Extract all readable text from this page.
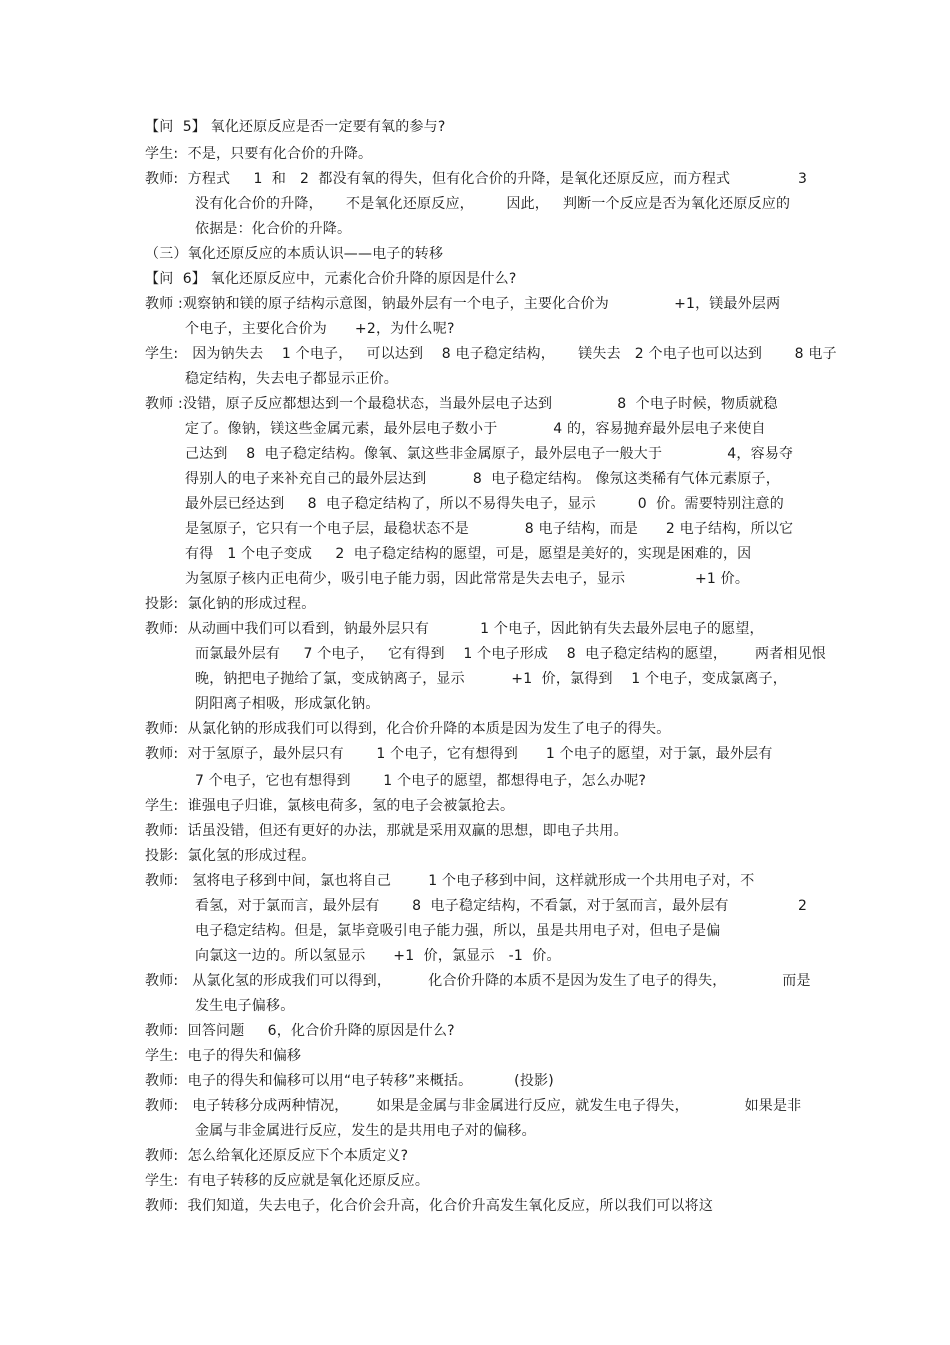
【问  5】 氧化还原反应是否一定要有氧的参与?
学生:  不是，只要有化合价的升降。
教师:  方程式     1  和   2  都没有氧的得失，但有化合价的升降，是氧化还原反应，而方程式	3
没有化合价的升降，     不是氧化还原反应，       因此，   判断一个反应是否为氧化还原反应的
依据是：化合价的升降。
（三）氧化还原反应的本质认识——电子的转移
【问  6】 氧化还原反应中，元素化合价升降的原因是什么?
教师 :观察钠和镁的原子结构示意图，钠最外层有一个电子，主要化合价为              +1，镁最外层两
个电子，主要化合价为      +2，为什么呢?
学生:   因为钠失去    1 个电子，   可以达到    8 电子稳定结构，     镁失去   2 个电子也可以达到       8 电子
稳定结构，失去电子都显示正价。
教师 :没错，原子反应都想达到一个最稳状态，当最外层电子达到              8  个电子时候，物质就稳
定了。像钠，镁这些金属元素，最外层电子数小于            4 的，容易抛弃最外层电子来使自
己达到    8  电子稳定结构。像氧、氯这些非金属原子，最外层电子一般大于              4，容易夺
得别人的电子来补充自己的最外层达到          8  电子稳定结构。 像氖这类稀有气体元素原子，
最外层已经达到     8  电子稳定结构了，所以不易得失电子，显示         0  价。需要特别注意的
是氢原子，它只有一个电子层，最稳状态不是            8 电子结构，而是      2 电子结构，所以它
有得   1 个电子变成     2  电子稳定结构的愿望，可是，愿望是美好的，实现是困难的，因
为氢原子核内正电荷少，吸引电子能力弱，因此常常是失去电子，显示               +1 价。
投影:  氯化钠的形成过程。
教师:  从动画中我们可以看到，钠最外层只有           1 个电子，因此钠有失去最外层电子的愿望，
而氯最外层有     7 个电子，   它有得到    1 个电子形成    8  电子稳定结构的愿望，      两者相见恨
晚，钠把电子抛给了氯，变成钠离子，显示          +1  价，氯得到    1 个电子，变成氯离子，
阴阳离子相吸，形成氯化钠。
教师:  从氯化钠的形成我们可以得到，化合价升降的本质是因为发生了电子的得失。
教师:  对于氢原子，最外层只有       1 个电子，它有想得到      1 个电子的愿望，对于氯，最外层有
7 个电子，它也有想得到       1 个电子的愿望，都想得电子，怎么办呢?
学生:  谁强电子归谁，氯核电荷多，氢的电子会被氯抢去。
教师:  话虽没错，但还有更好的办法，那就是采用双赢的思想，即电子共用。
投影:  氯化氢的形成过程。
教师:   氢将电子移到中间，氯也将自己        1 个电子移到中间，这样就形成一个共用电子对，不
看氢，对于氯而言，最外层有       8  电子稳定结构，不看氯，对于氢而言，最外层有	2
电子稳定结构。但是，氯毕竟吸引电子能力强，所以，虽是共用电子对，但电子是偏
向氯这一边的。所以氢显示      +1  价，氯显示   -1  价。
教师:   从氯化氢的形成我们可以得到，        化合价升降的本质不是因为发生了电子的得失，            而是
发生电子偏移。
教师:  回答问题     6，化合价升降的原因是什么?
学生:  电子的得失和偏移
教师:  电子的得失和偏移可以用“电子转移”来概括。         (投影)
教师:   电子转移分成两种情况，      如果是金属与非金属进行反应，就发生电子得失，            如果是非
金属与非金属进行反应，发生的是共用电子对的偏移。
教师:  怎么给氧化还原反应下个本质定义?
学生:  有电子转移的反应就是氧化还原反应。
教师:  我们知道，失去电子，化合价会升高，化合价升高发生氧化反应，所以我们可以将这
